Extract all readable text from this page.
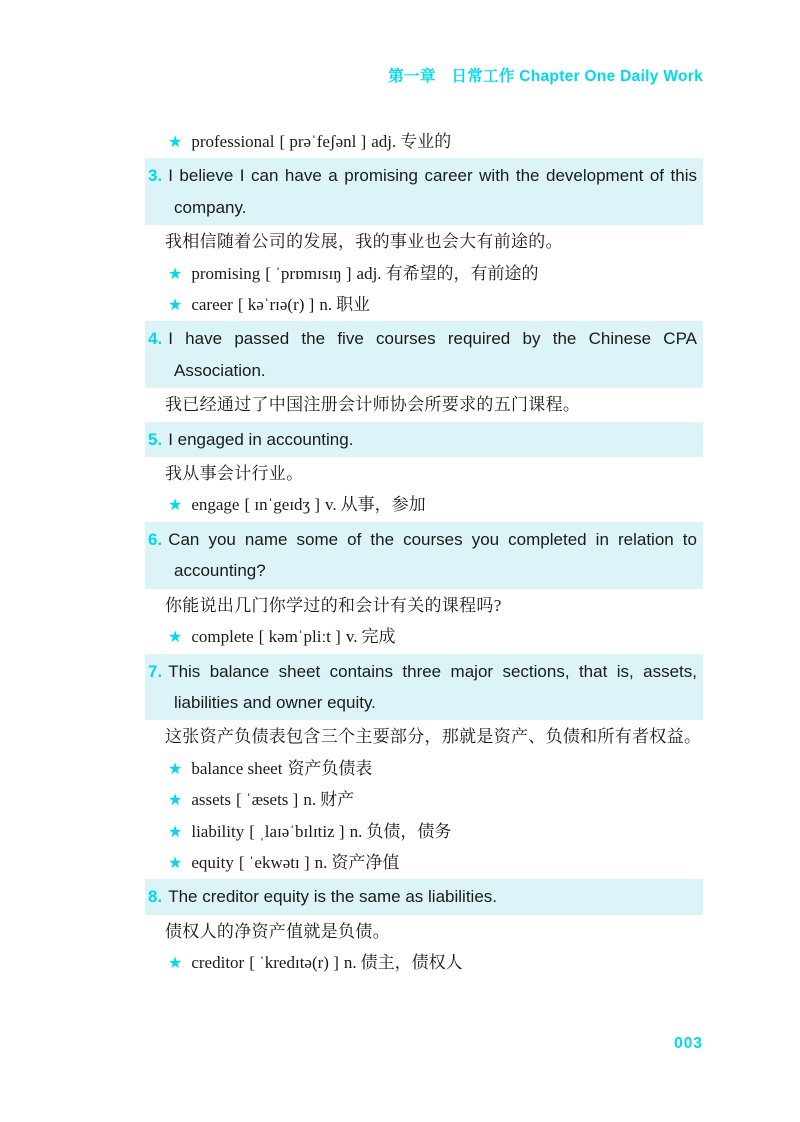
第一章　日常工作 Chapter One Daily Work
★ professional [ prəˈfeʃənl ] adj. 专业的
3. I believe I can have a promising career with the development of this company.
我相信随着公司的发展，我的事业也会大有前途的。
★ promising [ ˈprɒmɪsɪŋ ] adj. 有希望的，有前途的
★ career [ kəˈrɪə(r) ] n. 职业
4. I have passed the five courses required by the Chinese CPA Association.
我已经通过了中国注册会计师协会所要求的五门课程。
5. I engaged in accounting.
我从事会计行业。
★ engage [ ɪnˈgeɪdʒ ] v. 从事，参加
6. Can you name some of the courses you completed in relation to accounting?
你能说出几门你学过的和会计有关的课程吗?
★ complete [ kəmˈpliːt ] v. 完成
7. This balance sheet contains three major sections, that is, assets, liabilities and owner equity.
这张资产负债表包含三个主要部分，那就是资产、负债和所有者权益。
★ balance sheet 资产负债表
★ assets [ ˈæsets ] n. 财产
★ liability [ ˌlaɪəˈbɪlɪtiz ] n. 负债，债务
★ equity [ ˈekwətɪ ] n. 资产净值
8. The creditor equity is the same as liabilities.
债权人的净资产值就是负债。
★ creditor [ ˈkredɪtə(r) ] n. 债主，债权人
003
